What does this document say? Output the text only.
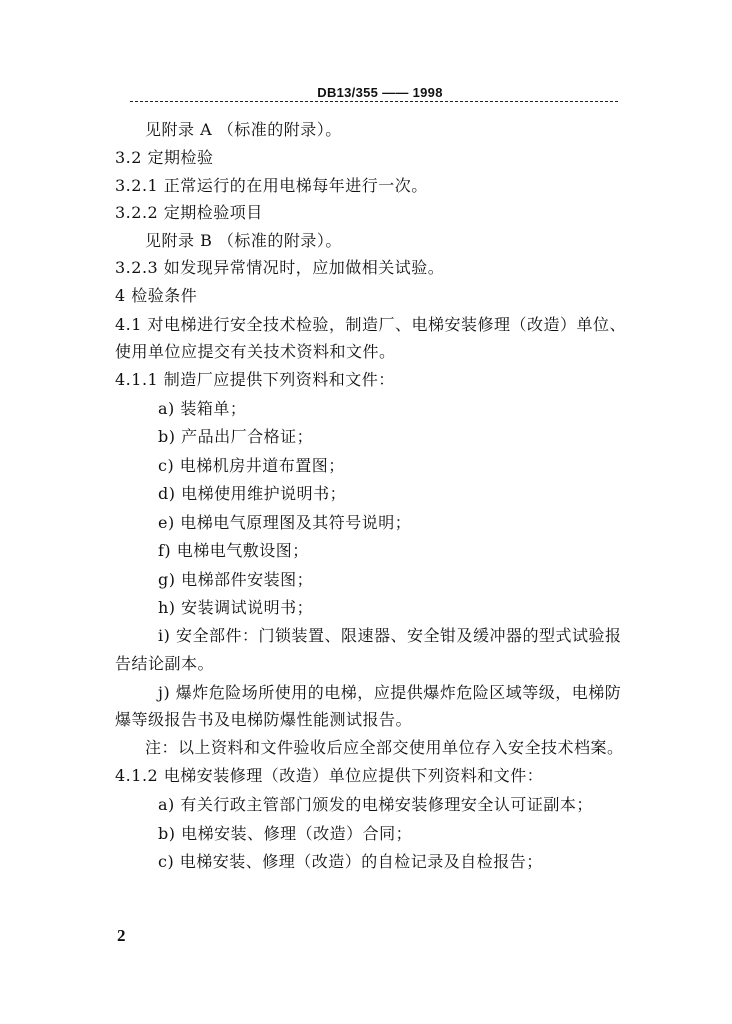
DB13/355 —— 1998
见附录 A （标准的附录）。
3.2 定期检验
3.2.1 正常运行的在用电梯每年进行一次。
3.2.2 定期检验项目
见附录 B （标准的附录）。
3.2.3 如发现异常情况时，应加做相关试验。
4 检验条件
4.1 对电梯进行安全技术检验，制造厂、电梯安装修理（改造）单位、
使用单位应提交有关技术资料和文件。
4.1.1 制造厂应提供下列资料和文件：
a) 装箱单；
b) 产品出厂合格证；
c) 电梯机房井道布置图；
d) 电梯使用维护说明书；
e) 电梯电气原理图及其符号说明；
f) 电梯电气敷设图；
g) 电梯部件安装图；
h) 安装调试说明书；
i) 安全部件：门锁装置、限速器、安全钳及缓冲器的型式试验报
告结论副本。
j) 爆炸危险场所使用的电梯，应提供爆炸危险区域等级，电梯防
爆等级报告书及电梯防爆性能测试报告。
注：以上资料和文件验收后应全部交使用单位存入安全技术档案。
4.1.2 电梯安装修理（改造）单位应提供下列资料和文件：
a) 有关行政主管部门颁发的电梯安装修理安全认可证副本；
b) 电梯安装、修理（改造）合同；
c) 电梯安装、修理（改造）的自检记录及自检报告；
2
